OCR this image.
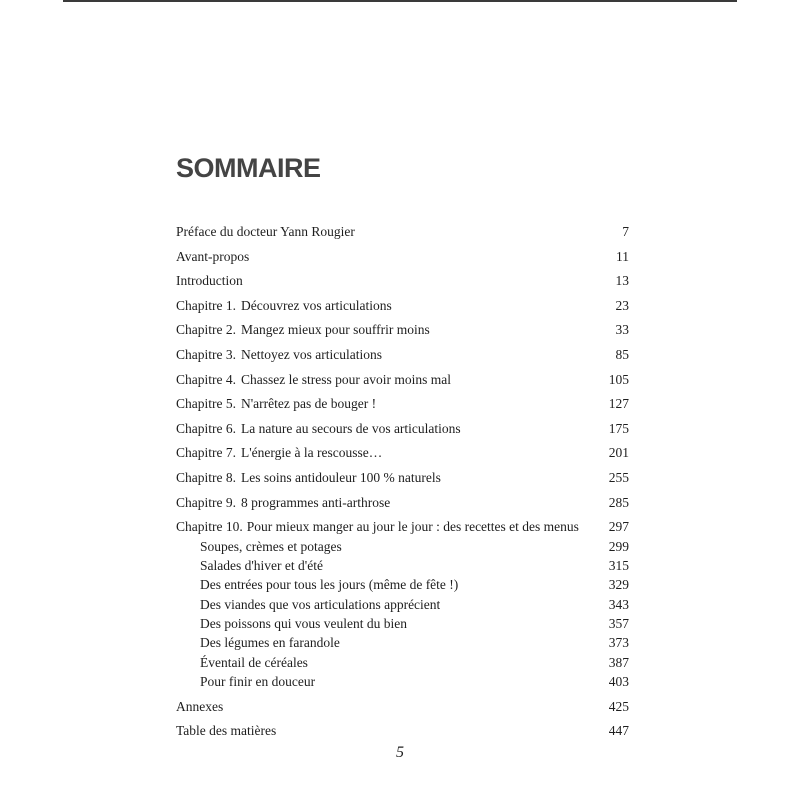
SOMMAIRE
Préface du docteur Yann Rougier	7
Avant-propos	11
Introduction	13
Chapitre 1. Découvrez vos articulations	23
Chapitre 2. Mangez mieux pour souffrir moins	33
Chapitre 3. Nettoyez vos articulations	85
Chapitre 4. Chassez le stress pour avoir moins mal	105
Chapitre 5. N'arrêtez pas de bouger !	127
Chapitre 6. La nature au secours de vos articulations	175
Chapitre 7. L'énergie à la rescousse…	201
Chapitre 8. Les soins antidouleur 100 % naturels	255
Chapitre 9. 8 programmes anti-arthrose	285
Chapitre 10. Pour mieux manger au jour le jour : des recettes et des menus	297
Soupes, crèmes et potages	299
Salades d'hiver et d'été	315
Des entrées pour tous les jours (même de fête !)	329
Des viandes que vos articulations apprécient	343
Des poissons qui vous veulent du bien	357
Des légumes en farandole	373
Éventail de céréales	387
Pour finir en douceur	403
Annexes	425
Table des matières	447
5
